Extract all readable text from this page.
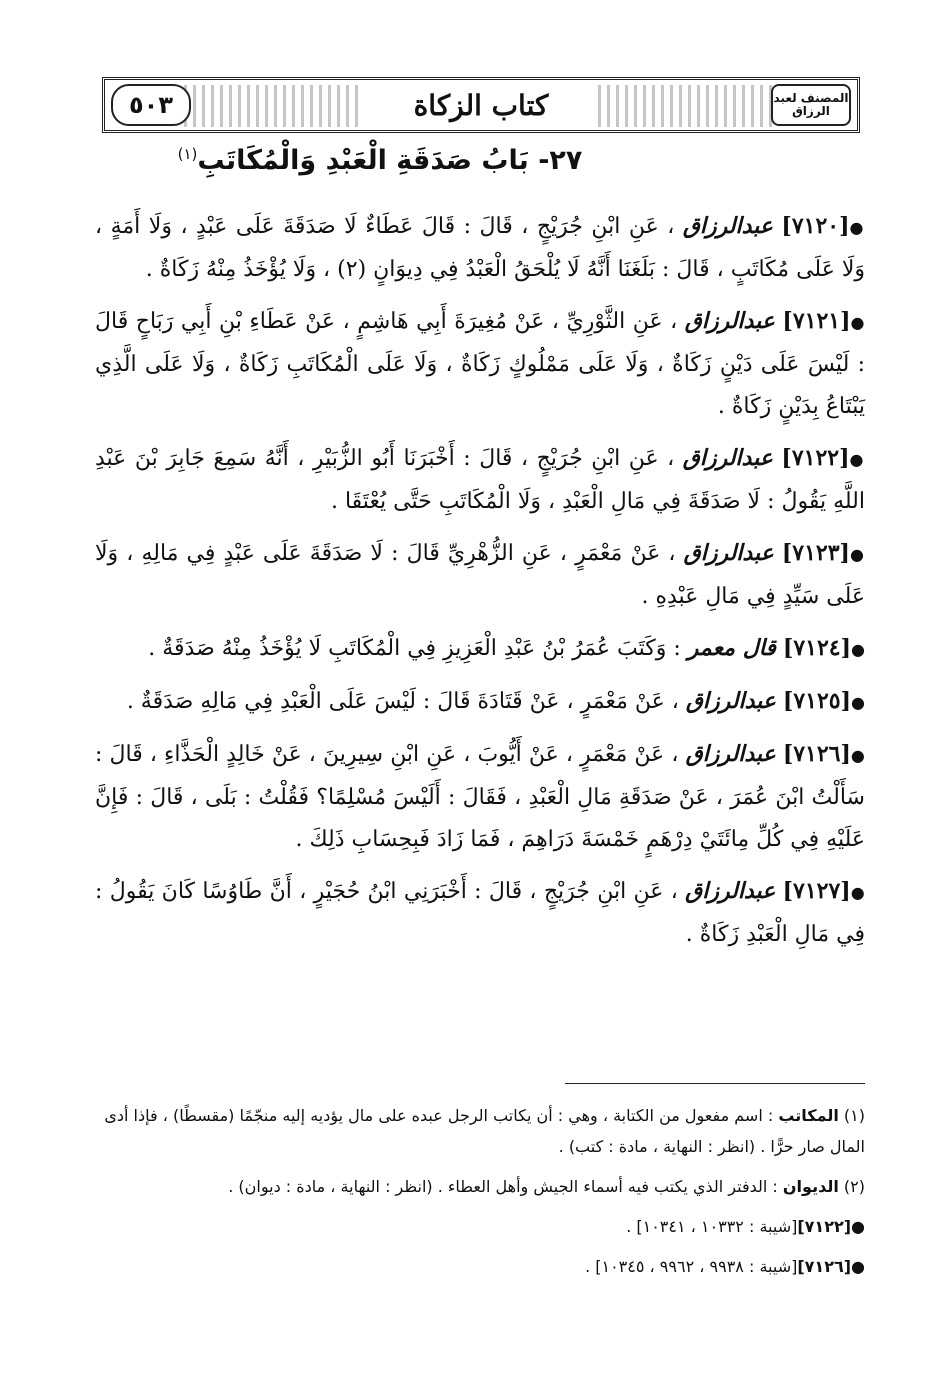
٥٠٣	كتاب الزكاة	المصنف لعبد الرزاق
٢٧- بَابُ صَدَقَةِ الْعَبْدِ وَالْمُكَاتَبِ$^{(١)}$

●[٧١٢٠] عبدالرزاق ، عَنِ ابْنِ جُرَيْجٍ ، قَالَ : قَالَ عَطَاءٌ لَا صَدَقَةَ عَلَى عَبْدٍ ، وَلَا أَمَةٍ ، وَلَا عَلَى مُكَاتَبٍ ، قَالَ : بَلَغَنَا أَنَّهُ لَا يُلْحَقُ الْعَبْدُ فِي دِيوَانٍ (٢) ، وَلَا يُؤْخَذُ مِنْهُ زَكَاةٌ .

●[٧١٢١] عبدالرزاق ، عَنِ الثَّوْرِيِّ ، عَنْ مُغِيرَةَ أَبِي هَاشِمٍ ، عَنْ عَطَاءِ بْنِ أَبِي رَبَاحٍ قَالَ : لَيْسَ عَلَى دَيْنٍ زَكَاةٌ ، وَلَا عَلَى مَمْلُوكٍ زَكَاةٌ ، وَلَا عَلَى الْمُكَاتَبِ زَكَاةٌ ، وَلَا عَلَى الَّذِي يَبْتَاعُ بِدَيْنٍ زَكَاةٌ .

●[٧١٢٢] عبدالرزاق ، عَنِ ابْنِ جُرَيْجٍ ، قَالَ : أَخْبَرَنَا أَبُو الزُّبَيْرِ ، أَنَّهُ سَمِعَ جَابِرَ بْنَ عَبْدِ اللَّهِ يَقُولُ : لَا صَدَقَةَ فِي مَالِ الْعَبْدِ ، وَلَا الْمُكَاتَبِ حَتَّى يُعْتَقَا .

●[٧١٢٣] عبدالرزاق ، عَنْ مَعْمَرٍ ، عَنِ الزُّهْرِيِّ قَالَ : لَا صَدَقَةَ عَلَى عَبْدٍ فِي مَالِهِ ، وَلَا عَلَى سَيِّدٍ فِي مَالِ عَبْدِهِ .

●[٧١٢٤] قال معمر : وَكَتَبَ عُمَرُ بْنُ عَبْدِ الْعَزِيزِ فِي الْمُكَاتَبِ لَا يُؤْخَذُ مِنْهُ صَدَقَةٌ .

●[٧١٢٥] عبدالرزاق ، عَنْ مَعْمَرٍ ، عَنْ قَتَادَةَ قَالَ : لَيْسَ عَلَى الْعَبْدِ فِي مَالِهِ صَدَقَةٌ .

●[٧١٢٦] عبدالرزاق ، عَنْ مَعْمَرٍ ، عَنْ أَيُّوبَ ، عَنِ ابْنِ سِيرِينَ ، عَنْ خَالِدٍ الْحَذَّاءِ ، قَالَ : سَأَلْتُ ابْنَ عُمَرَ ، عَنْ صَدَقَةِ مَالِ الْعَبْدِ ، فَقَالَ : أَلَيْسَ مُسْلِمًا؟ فَقُلْتُ : بَلَى ، قَالَ : فَإِنَّ عَلَيْهِ فِي كُلِّ مِائَتَيْ دِرْهَمٍ خَمْسَةَ دَرَاهِمَ ، فَمَا زَادَ فَبِحِسَابِ ذَلِكَ .

●[٧١٢٧] عبدالرزاق ، عَنِ ابْنِ جُرَيْجٍ ، قَالَ : أَخْبَرَنِي ابْنُ حُجَيْرٍ ، أَنَّ طَاوُسًا كَانَ يَقُولُ : فِي مَالِ الْعَبْدِ زَكَاةٌ .

(١) المكاتب : اسم مفعول من الكتابة ، وهي : أن يكاتب الرجل عبده على مال يؤديه إليه منجّمًا (مقسطًا) ، فإذا أدى المال صار حرًّا . (انظر : النهاية ، مادة : كتب) .

(٢) الديوان : الدفتر الذي يكتب فيه أسماء الجيش وأهل العطاء . (انظر : النهاية ، مادة : ديوان) .

●[٧١٢٢][شيبة : ١٠٣٣٢ ، ١٠٣٤١] .

●[٧١٢٦][شيبة : ٩٩٣٨ ، ٩٩٦٢ ، ١٠٣٤٥] .
